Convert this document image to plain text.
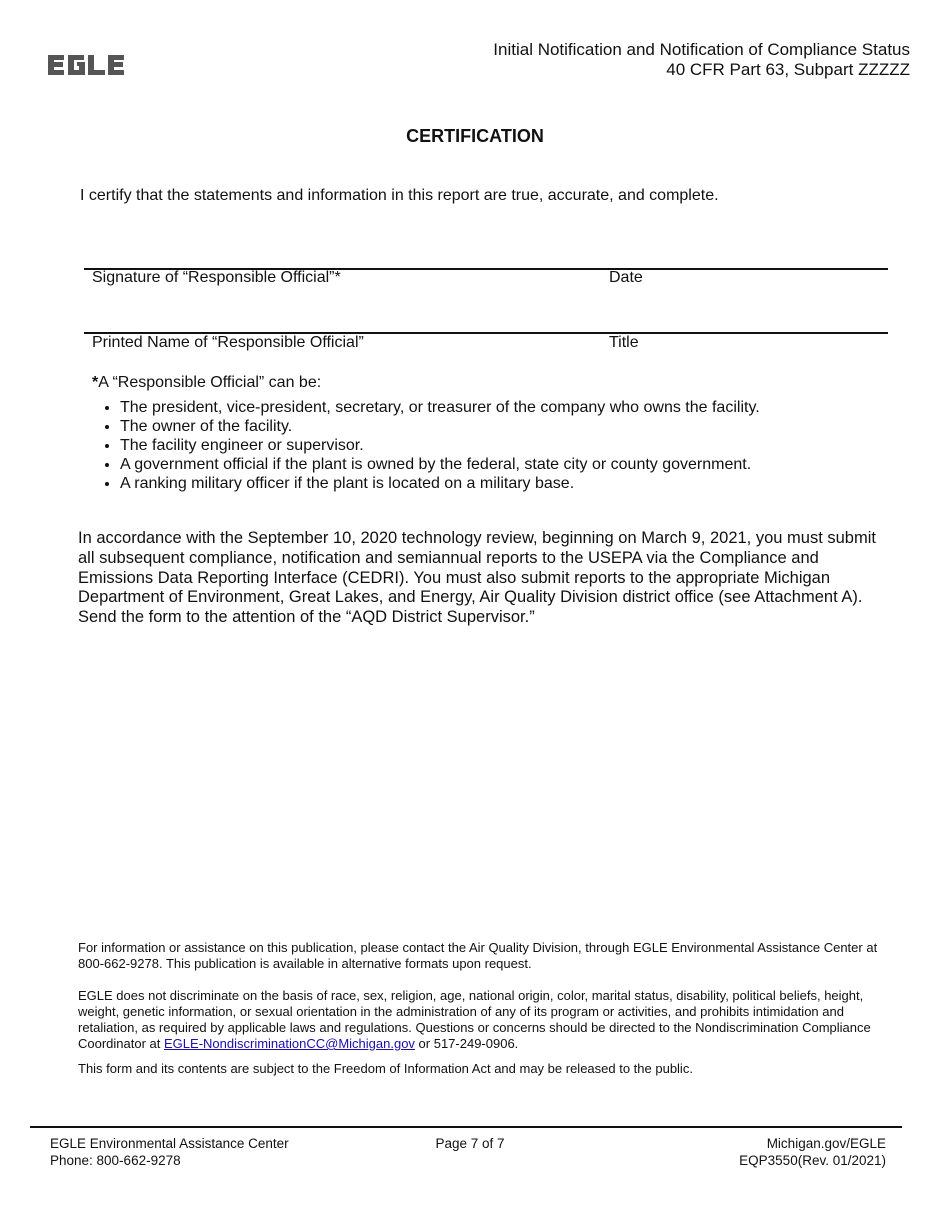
Initial Notification and Notification of Compliance Status
40 CFR Part 63, Subpart ZZZZZ
CERTIFICATION
I certify that the statements and information in this report are true, accurate, and complete.
Signature of “Responsible Official”*	Date
Printed Name of “Responsible Official”	Title
*A “Responsible Official” can be:
• The president, vice-president, secretary, or treasurer of the company who owns the facility.
• The owner of the facility.
• The facility engineer or supervisor.
• A government official if the plant is owned by the federal, state city or county government.
• A ranking military officer if the plant is located on a military base.
In accordance with the September 10, 2020 technology review, beginning on March 9, 2021, you must submit all subsequent compliance, notification and semiannual reports to the USEPA via the Compliance and Emissions Data Reporting Interface (CEDRI). You must also submit reports to the appropriate Michigan Department of Environment, Great Lakes, and Energy, Air Quality Division district office (see Attachment A). Send the form to the attention of the “AQD District Supervisor.”
For information or assistance on this publication, please contact the Air Quality Division, through EGLE Environmental Assistance Center at 800-662-9278. This publication is available in alternative formats upon request.
EGLE does not discriminate on the basis of race, sex, religion, age, national origin, color, marital status, disability, political beliefs, height, weight, genetic information, or sexual orientation in the administration of any of its program or activities, and prohibits intimidation and retaliation, as required by applicable laws and regulations. Questions or concerns should be directed to the Nondiscrimination Compliance Coordinator at EGLE-NondiscriminationCC@Michigan.gov or 517-249-0906.
This form and its contents are subject to the Freedom of Information Act and may be released to the public.
EGLE Environmental Assistance Center
Phone: 800-662-9278
Page 7 of 7	Michigan.gov/EGLE
EQP3550(Rev. 01/2021)
